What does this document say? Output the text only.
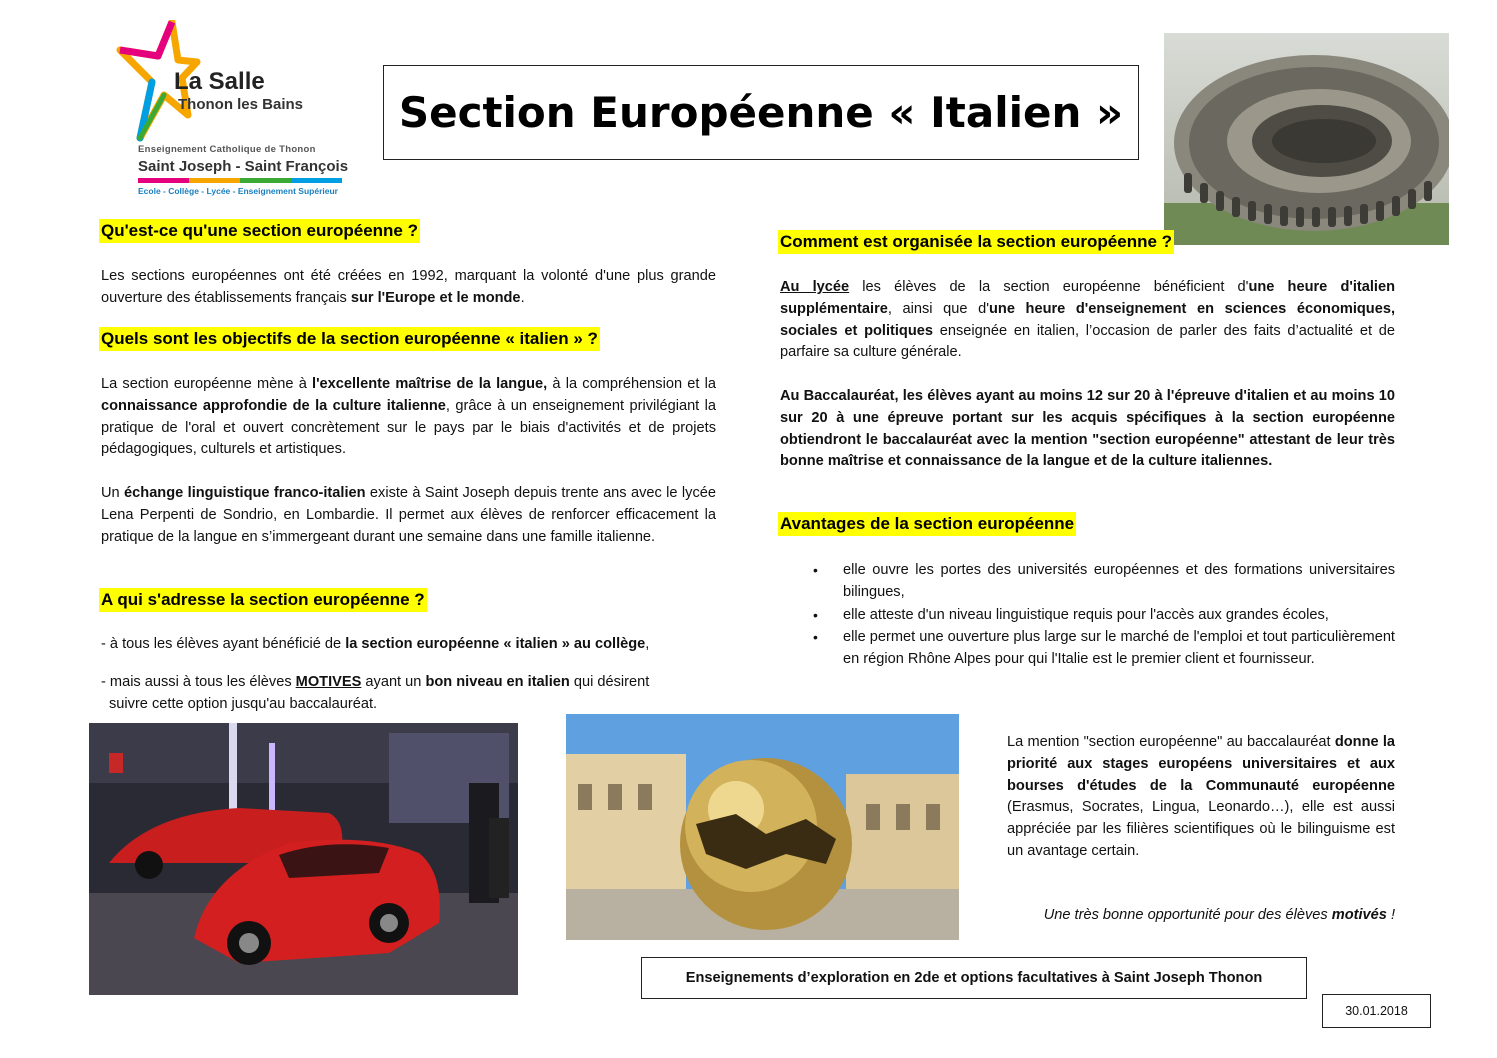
La Salle
Thonon les Bains
Enseignement Catholique de Thonon
Saint Joseph - Saint François
Ecole - Collège - Lycée - Enseignement Supérieur
Section Européenne « Italien »
Qu'est-ce qu'une section européenne ?
Les sections européennes ont été créées en 1992, marquant la volonté d'une plus grande ouverture des établissements français sur l'Europe et le monde.
Quels sont les objectifs de la section européenne « italien » ?
La section européenne mène à l'excellente maîtrise de la langue, à la compréhension et la connaissance approfondie de la culture italienne, grâce à un enseignement privilégiant la pratique de l'oral et ouvert concrètement sur le pays par le biais d'activités et de projets pédagogiques, culturels et artistiques.
Un échange linguistique franco-italien existe à Saint Joseph depuis trente ans avec le lycée Lena Perpenti de Sondrio, en Lombardie. Il permet aux élèves de renforcer efficacement la pratique de la langue en s’immergeant durant une semaine dans une famille italienne.
A qui s'adresse la section européenne ?
- à tous les élèves ayant bénéficié de la section européenne « italien » au collège,
- mais aussi à tous les élèves MOTIVES ayant un bon niveau en italien qui désirent
suivre cette option jusqu'au baccalauréat.
Comment est organisée la section européenne ?
Au lycée les élèves de la section européenne bénéficient d'une heure d'italien supplémentaire, ainsi que d'une heure d'enseignement en sciences économiques, sociales et politiques enseignée en italien, l’occasion de parler des faits d’actualité et de parfaire sa culture générale.
Au Baccalauréat, les élèves ayant au moins 12 sur 20 à l'épreuve d'italien et au moins 10 sur 20 à une épreuve portant sur les acquis spécifiques à la section européenne obtiendront le baccalauréat avec la mention "section européenne" attestant de leur très bonne maîtrise et connaissance de la langue et de la culture italiennes.
Avantages de la section européenne
• elle ouvre les portes des universités européennes et des formations universitaires bilingues,
• elle atteste d'un niveau linguistique requis pour l'accès aux grandes écoles,
• elle permet une ouverture plus large sur le marché de l'emploi et tout particulièrement en région Rhône Alpes pour qui l'Italie est le premier client et fournisseur.
La mention "section européenne" au baccalauréat donne la priorité aux stages européens universitaires et aux bourses d'études de la Communauté européenne (Erasmus, Socrates, Lingua, Leonardo…), elle est aussi appréciée par les filières scientifiques où le bilinguisme est un avantage certain.
Une très bonne opportunité pour des élèves motivés !
Enseignements d’exploration en 2de et options facultatives à Saint Joseph Thonon
30.01.2018
